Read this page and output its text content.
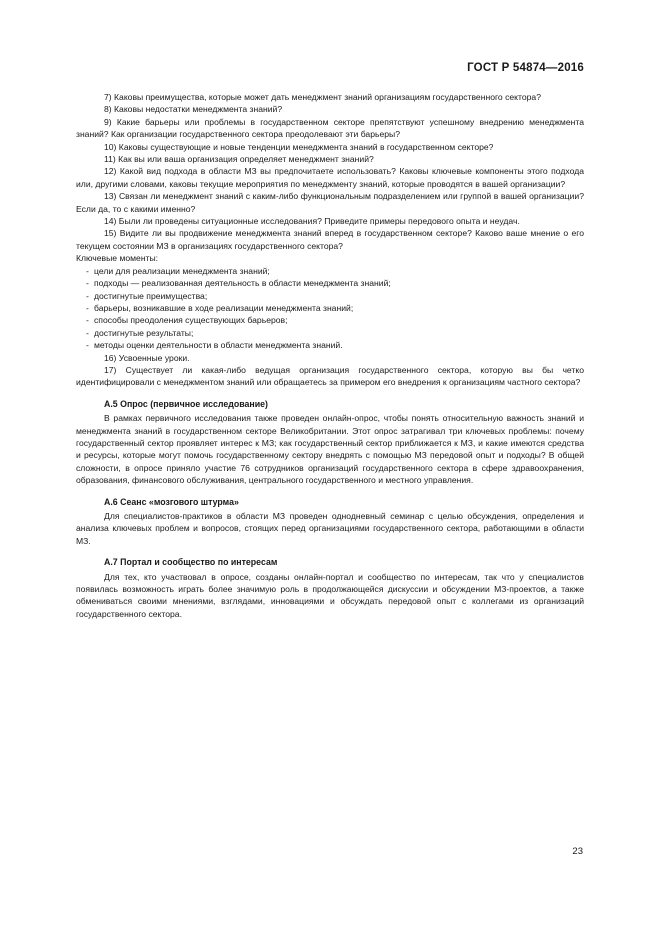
ГОСТ Р 54874—2016

7) Каковы преимущества, которые может дать менеджмент знаний организациям государственного сектора?

8) Каковы недостатки менеджмента знаний?

9) Какие барьеры или проблемы в государственном секторе препятствуют успешному внедрению менеджмента знаний? Как организации государственного сектора преодолевают эти барьеры?

10) Каковы существующие и новые тенденции менеджмента знаний в государственном секторе?

11) Как вы или ваша организация определяет менеджмент знаний?

12) Какой вид подхода в области МЗ вы предпочитаете использовать? Каковы ключевые компоненты этого подхода или, другими словами, каковы текущие мероприятия по менеджменту знаний, которые проводятся в вашей организации?

13) Связан ли менеджмент знаний с каким-либо функциональным подразделением или группой в вашей организации? Если да, то с какими именно?

14) Были ли проведены ситуационные исследования? Приведите примеры передового опыта и неудач.

15) Видите ли вы продвижение менеджмента знаний вперед в государственном секторе? Каково ваше мнение о его текущем состоянии МЗ в организациях государственного сектора?

Ключевые моменты:

- цели для реализации менеджмента знаний;
- подходы — реализованная деятельность в области менеджмента знаний;
- достигнутые преимущества;
- барьеры, возникавшие в ходе реализации менеджмента знаний;
- способы преодоления существующих барьеров;
- достигнутые результаты;
- методы оценки деятельности в области менеджмента знаний.

16) Усвоенные уроки.

17) Существует ли какая-либо ведущая организация государственного сектора, которую вы бы четко идентифицировали с менеджментом знаний или обращаетесь за примером его внедрения к организациям частного сектора?

А.5 Опрос (первичное исследование)

В рамках первичного исследования также проведен онлайн-опрос, чтобы понять относительную важность знаний и менеджмента знаний в государственном секторе Великобритании. Этот опрос затрагивал три ключевых проблемы: почему государственный сектор проявляет интерес к МЗ; как государственный сектор приближается к МЗ, и какие имеются средства и ресурсы, которые могут помочь государственному сектору внедрять с помощью МЗ передовой опыт и подходы? В общей сложности, в опросе приняло участие 76 сотрудников организаций государственного сектора в сфере здравоохранения, образования, финансового обслуживания, центрального государственного и местного управления.

А.6 Сеанс «мозгового штурма»

Для специалистов-практиков в области МЗ проведен однодневный семинар с целью обсуждения, определения и анализа ключевых проблем и вопросов, стоящих перед организациями государственного сектора, работающими в области МЗ.

А.7 Портал и сообщество по интересам

Для тех, кто участвовал в опросе, созданы онлайн-портал и сообщество по интересам, так что у специалистов появилась возможность играть более значимую роль в продолжающейся дискуссии и обсуждении МЗ-проектов, а также обмениваться своими мнениями, взглядами, инновациями и обсуждать передовой опыт с коллегами из организаций государственного сектора.

23
